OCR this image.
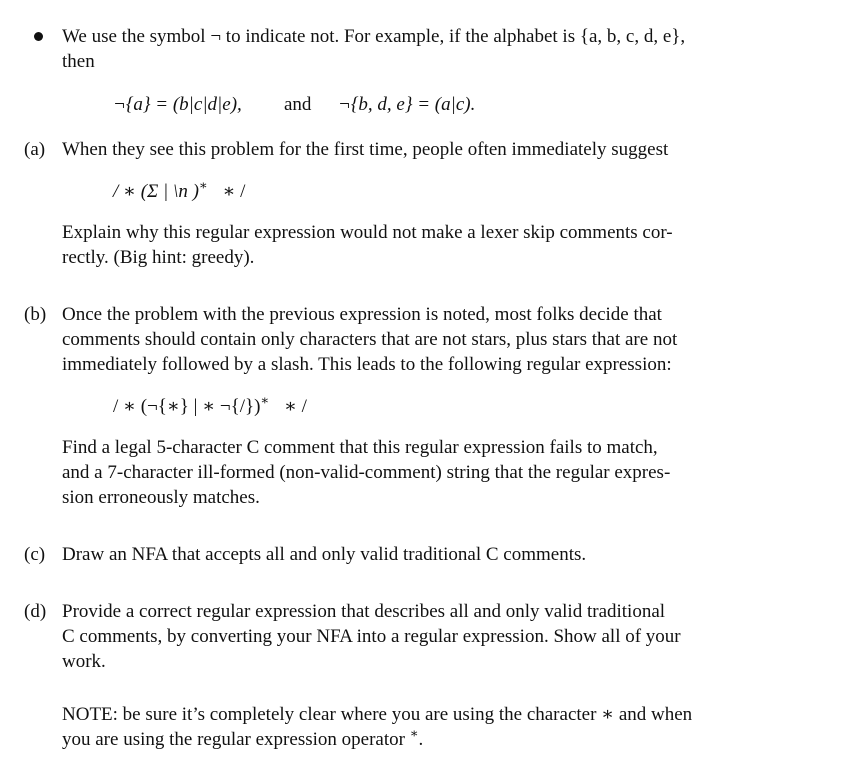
We use the symbol ¬ to indicate not. For example, if the alphabet is {a, b, c, d, e},
then
¬{a} = (b|c|d|e), and ¬{b, d, e} = (a|c).
(a) When they see this problem for the first time, people often immediately suggest
/ ∗ (Σ | \n )∗ ∗ /
Explain why this regular expression would not make a lexer skip comments cor-
rectly. (Big hint: greedy).
(b) Once the problem with the previous expression is noted, most folks decide that
comments should contain only characters that are not stars, plus stars that are not
immediately followed by a slash. This leads to the following regular expression:
/ ∗ (¬{∗} | ∗ ¬{/})∗ ∗ /
Find a legal 5-character C comment that this regular expression fails to match,
and a 7-character ill-formed (non-valid-comment) string that the regular expres-
sion erroneously matches.
(c) Draw an NFA that accepts all and only valid traditional C comments.
(d) Provide a correct regular expression that describes all and only valid traditional
C comments, by converting your NFA into a regular expression. Show all of your
work.
NOTE: be sure it’s completely clear where you are using the character ∗ and when
you are using the regular expression operator ∗.
